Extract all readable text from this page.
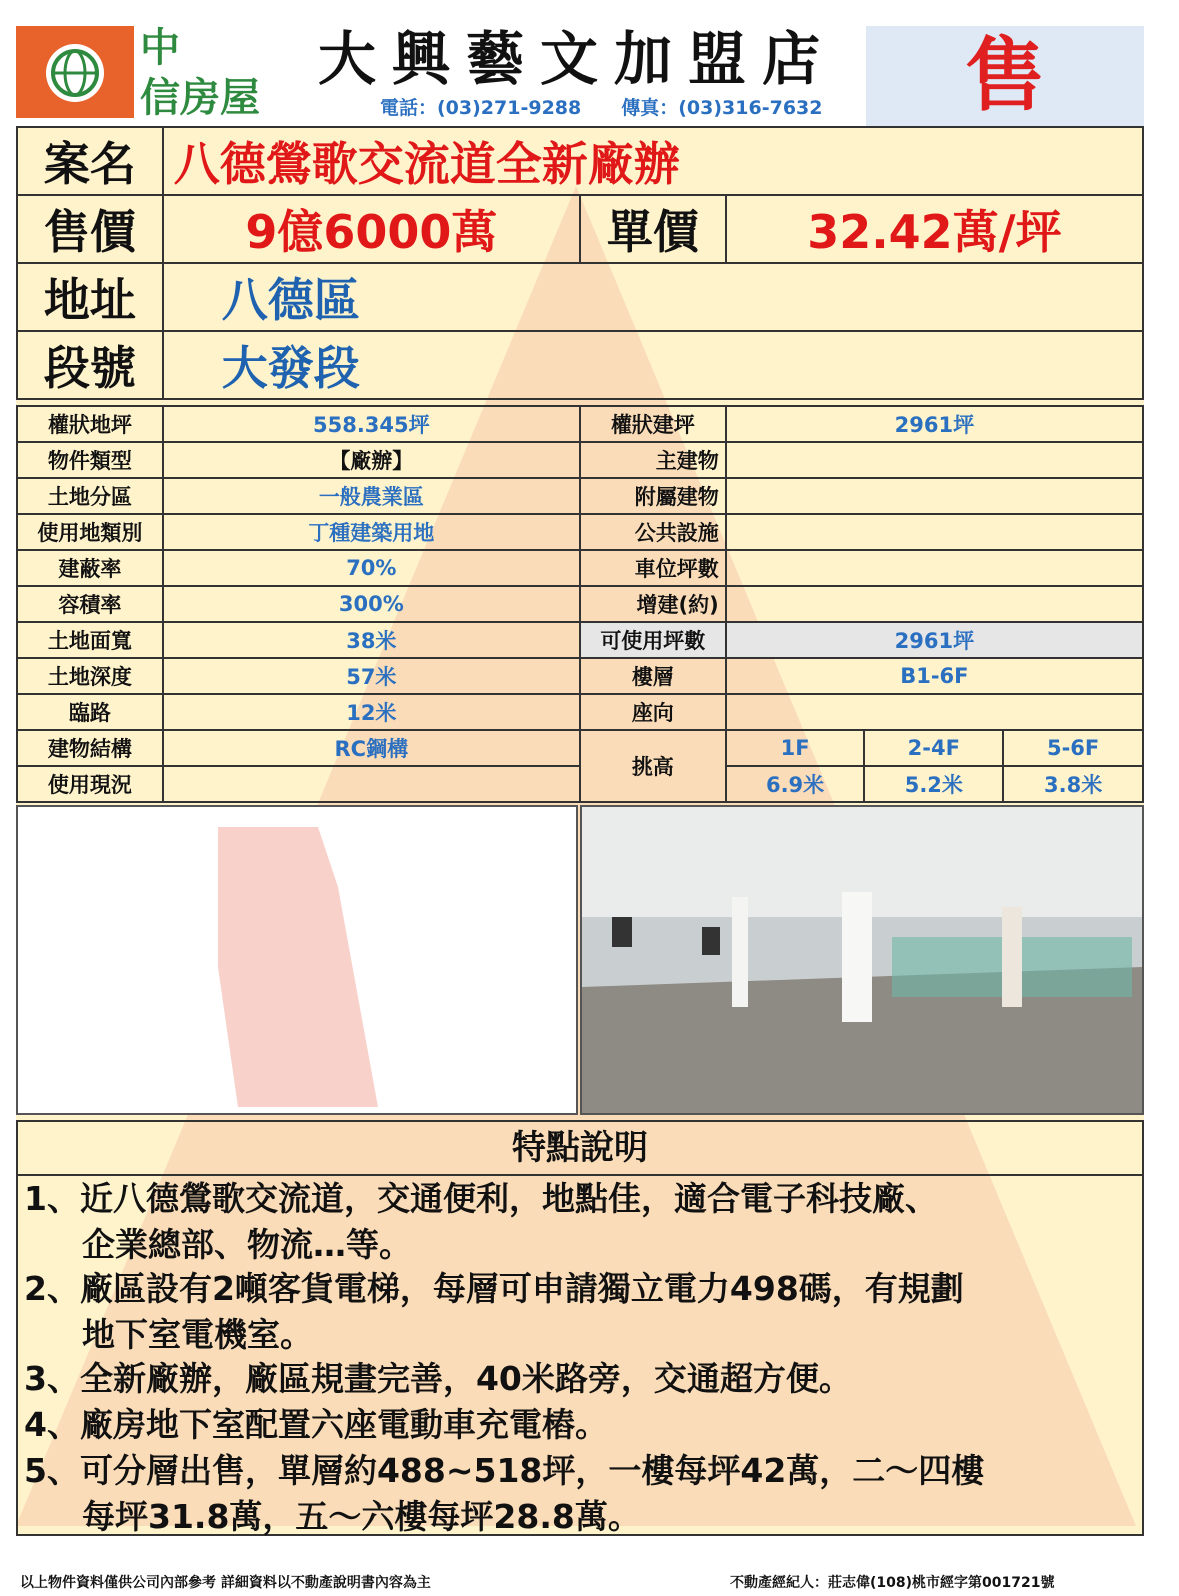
中
信房屋
大興藝文加盟店
電話：(03)271-9288 傳真：(03)316-7632	售
案名	八德鶯歌交流道全新廠辦		
售價	9億6000萬	單價	32.42萬/坪
地址	八德區		
段號	大發段		
權狀地坪	558.345坪	權狀建坪	2961坪		
物件類型	【廠辦】	主建物			
土地分區	一般農業區	附屬建物			
使用地類別	丁種建築用地	公共設施			
建蔽率	70%	車位坪數			
容積率	300%	增建(約)			
土地面寬	38米	可使用坪數	2961坪		
土地深度	57米	樓層	B1-6F		
臨路	12米	座向			
建物結構	RC鋼構	挑高	1F	2-4F	5-6F
使用現況			6.9米	5.2米	3.8米
特點說明
1、近八德鶯歌交流道，交通便利，地點佳，適合電子科技廠、
企業總部、物流…等。
2、廠區設有2噸客貨電梯，每層可申請獨立電力498碼，有規劃
地下室電機室。
3、全新廠辦，廠區規畫完善，40米路旁，交通超方便。
4、廠房地下室配置六座電動車充電樁。
5、可分層出售，單層約488~518坪，一樓每坪42萬，二～四樓
每坪31.8萬，五～六樓每坪28.8萬。
以上物件資料僅供公司內部參考 詳細資料以不動產說明書內容為主	不動產經紀人：莊志偉(108)桃市經字第001721號
